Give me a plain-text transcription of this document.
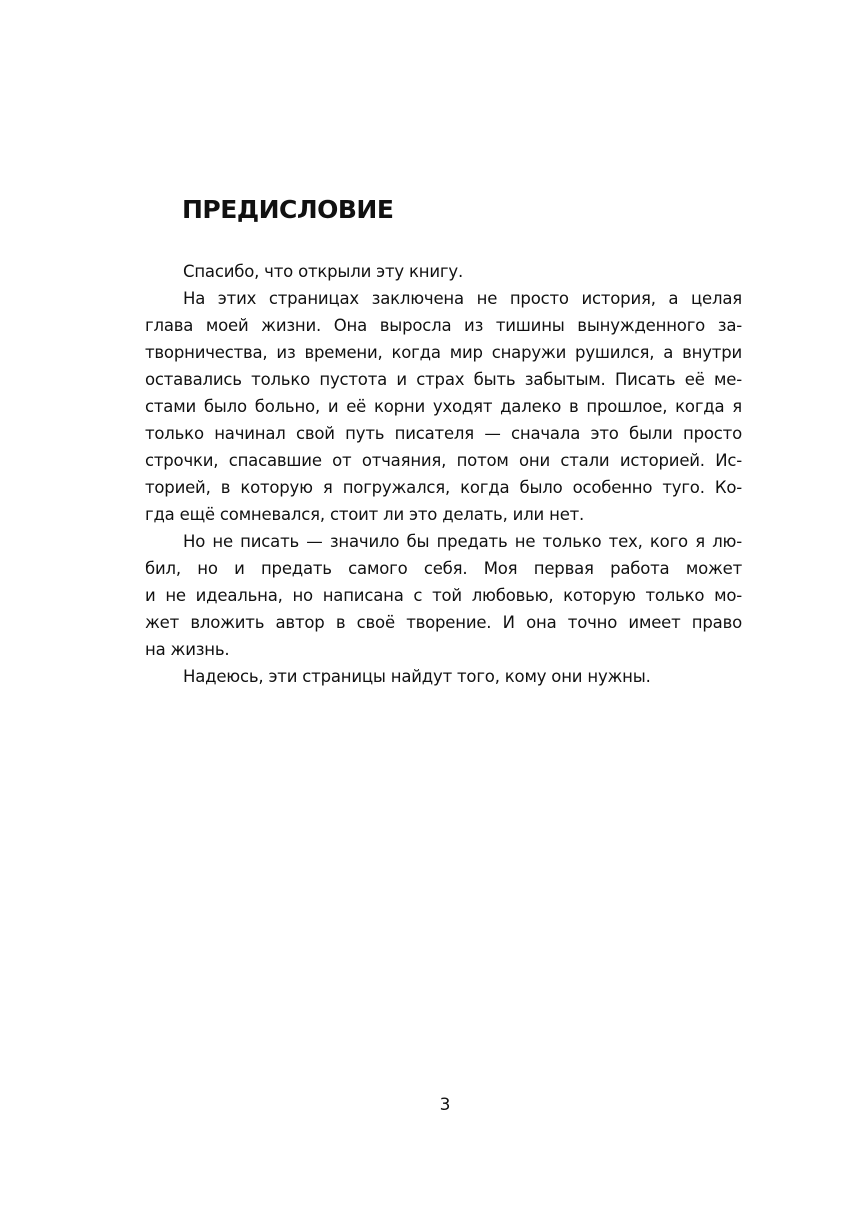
ПРЕДИСЛОВИЕ
Спасибо, что открыли эту книгу.
На этих страницах заключена не просто история, а целая
глава моей жизни. Она выросла из тишины вынужденного за-
творничества, из времени, когда мир снаружи рушился, а внутри
оставались только пустота и страх быть забытым. Писать её ме-
стами было больно, и её корни уходят далеко в прошлое, когда я
только начинал свой путь писателя — сначала это были просто
строчки, спасавшие от отчаяния, потом они стали историей. Ис-
торией, в которую я погружался, когда было особенно туго. Ко-
гда ещё сомневался, стоит ли это делать, или нет.
Но не писать — значило бы предать не только тех, кого я лю-
бил, но и предать самого себя. Моя первая работа может
и не идеальна, но написана с той любовью, которую только мо-
жет вложить автор в своё творение. И она точно имеет право
на жизнь.
Надеюсь, эти страницы найдут того, кому они нужны.
3
